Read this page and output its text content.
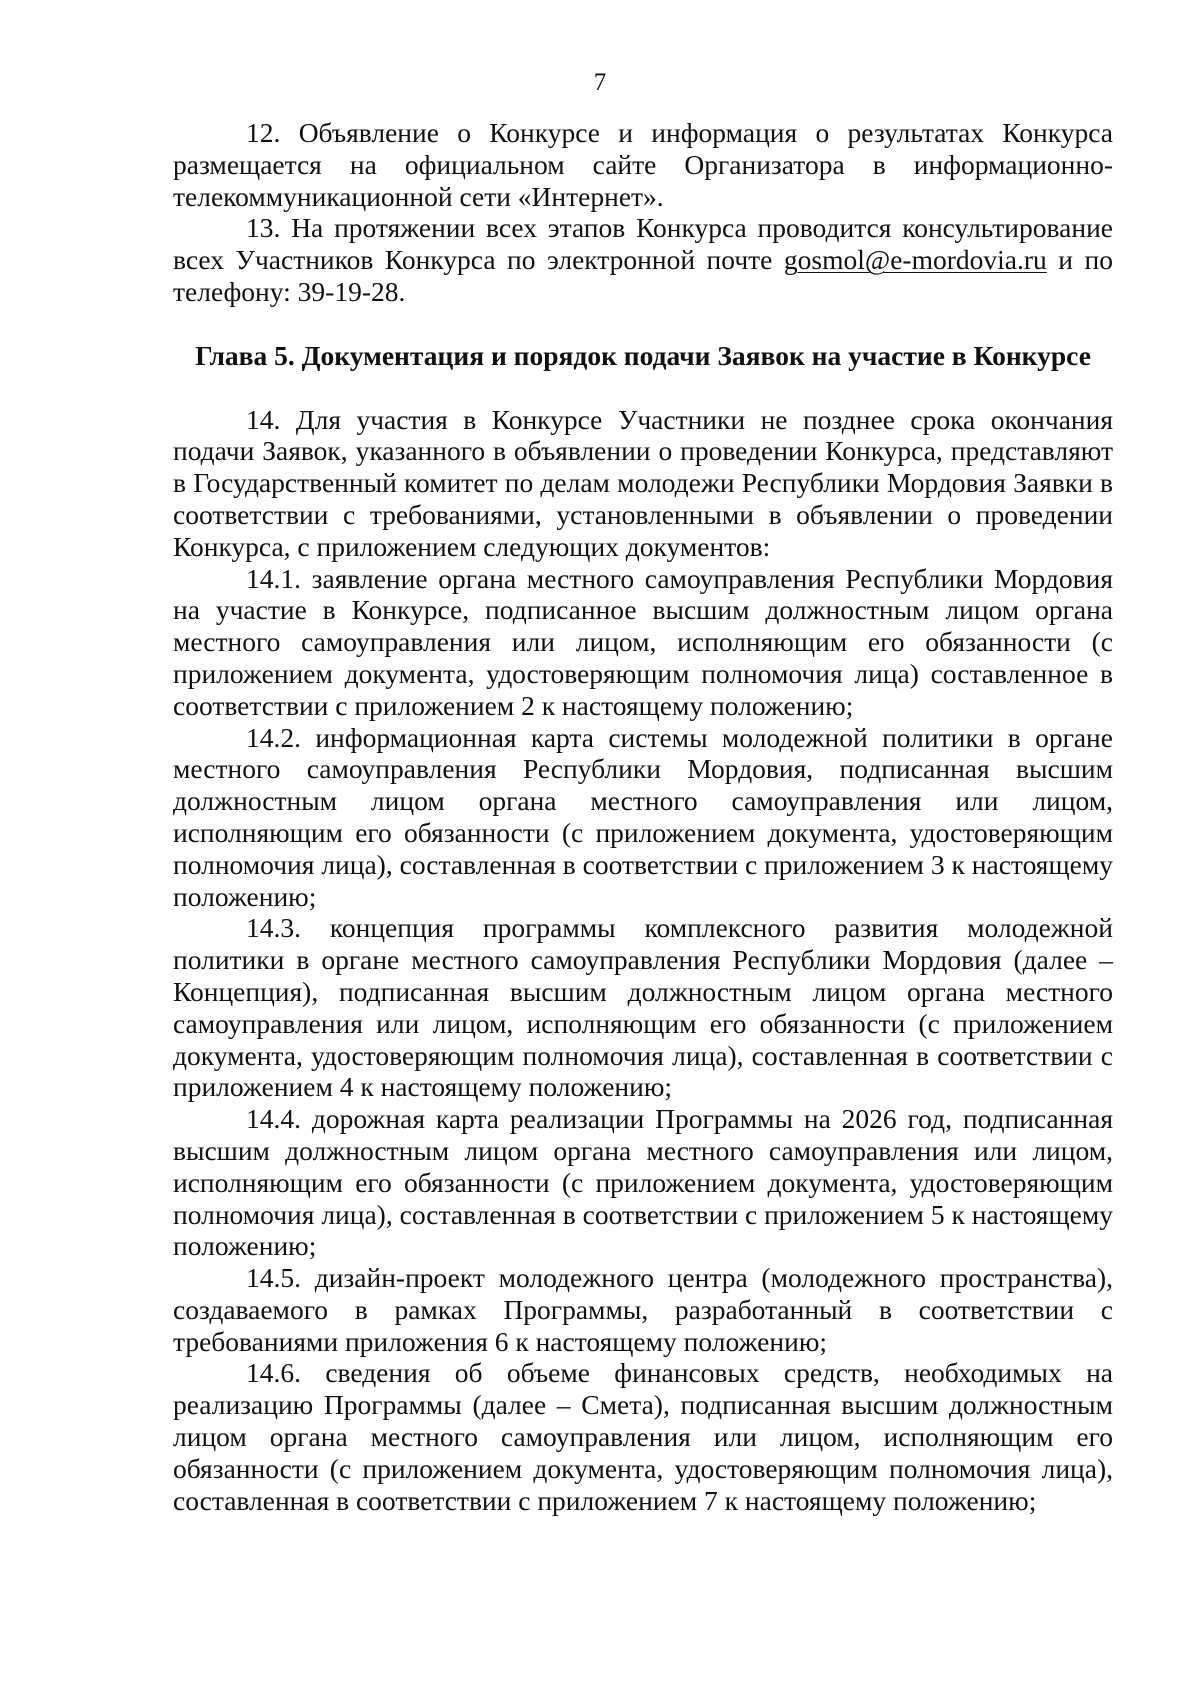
7

12. Объявление о Конкурсе и информация о результатах Конкурса размещается на официальном сайте Организатора в информационно-телекоммуникационной сети «Интернет».

13. На протяжении всех этапов Конкурса проводится консультирование всех Участников Конкурса по электронной почте gosmol@e-mordovia.ru и по телефону: 39-19-28.

Глава 5. Документация и порядок подачи Заявок на участие в Конкурсе

14. Для участия в Конкурсе Участники не позднее срока окончания подачи Заявок, указанного в объявлении о проведении Конкурса, представляют в Государственный комитет по делам молодежи Республики Мордовия Заявки в соответствии с требованиями, установленными в объявлении о проведении Конкурса, с приложением следующих документов:

14.1. заявление органа местного самоуправления Республики Мордовия на участие в Конкурсе, подписанное высшим должностным лицом органа местного самоуправления или лицом, исполняющим его обязанности (с приложением документа, удостоверяющим полномочия лица) составленное в соответствии с приложением 2 к настоящему положению;

14.2. информационная карта системы молодежной политики в органе местного самоуправления Республики Мордовия, подписанная высшим должностным лицом органа местного самоуправления или лицом, исполняющим его обязанности (с приложением документа, удостоверяющим полномочия лица), составленная в соответствии с приложением 3 к настоящему положению;

14.3. концепция программы комплексного развития молодежной политики в органе местного самоуправления Республики Мордовия (далее – Концепция), подписанная высшим должностным лицом органа местного самоуправления или лицом, исполняющим его обязанности (с приложением документа, удостоверяющим полномочия лица), составленная в соответствии с приложением 4 к настоящему положению;

14.4. дорожная карта реализации Программы на 2026 год, подписанная высшим должностным лицом органа местного самоуправления или лицом, исполняющим его обязанности (с приложением документа, удостоверяющим полномочия лица), составленная в соответствии с приложением 5 к настоящему положению;

14.5. дизайн-проект молодежного центра (молодежного пространства), создаваемого в рамках Программы, разработанный в соответствии с требованиями приложения 6 к настоящему положению;

14.6. сведения об объеме финансовых средств, необходимых на реализацию Программы (далее – Смета), подписанная высшим должностным лицом органа местного самоуправления или лицом, исполняющим его обязанности (с приложением документа, удостоверяющим полномочия лица), составленная в соответствии с приложением 7 к настоящему положению;
